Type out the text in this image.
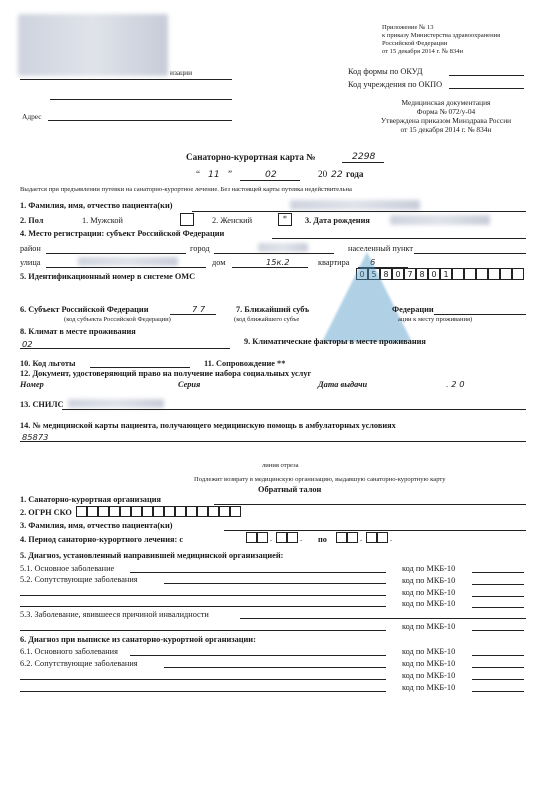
изации
Адрес
Приложение № 13
к приказу Министерства здравоохранения
Российской Федерации
от 15 декабря 2014 г. № 834н
Код формы по ОКУД
Код учреждения по ОКПО
Медицинская документация
Форма № 072/у-04
Утверждена приказом Минздрава России
от 15 декабря 2014 г. № 834н
Санаторно-курортная карта №	2298
“ 11 ”	02	20 22 года
Выдается при предъявлении путевки на санаторно-курортное лечение. Без настоящей карты путевка недействительна
1. Фамилия, имя, отчество пациента(ки)
2. Пол	1. Мужской	2. Женский	*	3. Дата рождения
4. Место регистрации: субъект Российской Федерации
район	город	населенный пункт
улица	дом	15к.2	квартира 6
5. Идентификационный номер в системе ОМС	0 5 8 0 7 8 0 1
6. Субъект Российской Федерации	7 7
(код субъекта Российской Федерации)
7. Ближайший субъ	Федерации
(код ближайшего субъе	ации к месту проживания)
8. Климат в месте проживания
02	9. Климатические факторы в месте проживания
10. Код льготы	11. Сопровождение **
12. Документ, удостоверяющий право на получение набора социальных услуг
Номер	Серия	Дата выдачи	. 2 0
13. СНИЛС
14. № медицинской карты пациента, получающего медицинскую помощь в амбулаторных условиях
85873
линия отреза
Подлежит возврату в медицинскую организацию, выдавшую санаторно-курортную карту
Обратный талон
1. Санаторно-курортная организация
2. ОГРН СКО
3. Фамилия, имя, отчество пациента(ки)
4. Период санаторно-курортного лечения: с	.	. по	.	.
5. Диагноз, установленный направившей медицинской организацией:
5.1. Основное заболевание	код по МКБ-10
5.2. Сопутствующие заболевания	код по МКБ-10
код по МКБ-10
код по МКБ-10
5.3. Заболевание, явившееся причиной инвалидности
код по МКБ-10
6. Диагноз при выписке из санаторно-курортной организации:
6.1. Основного заболевания	код по МКБ-10
6.2. Сопутствующие заболевания	код по МКБ-10
код по МКБ-10
код по МКБ-10
